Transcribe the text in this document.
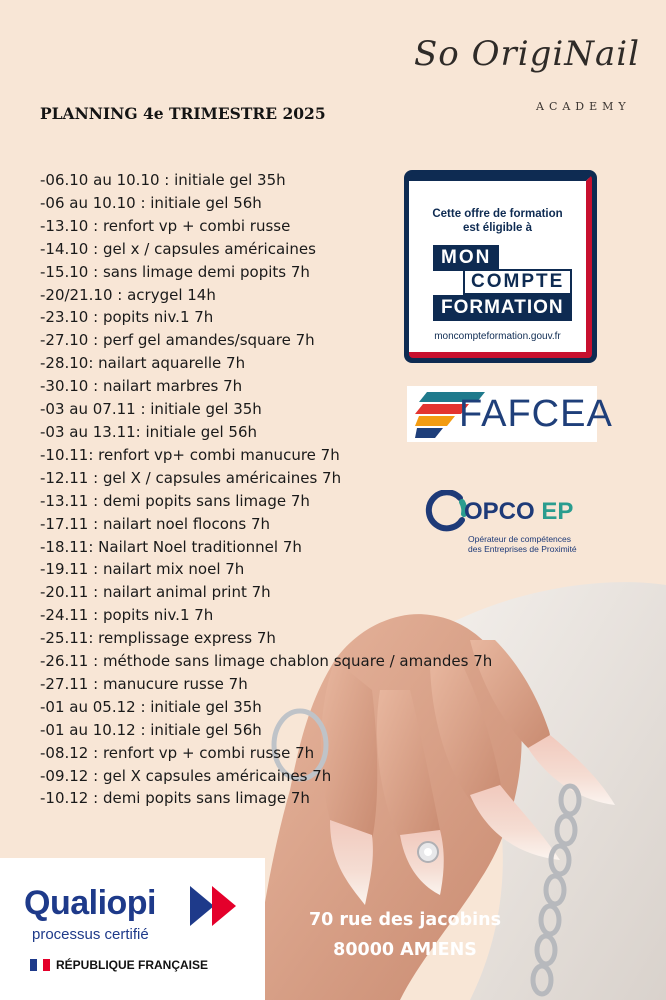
So OrigiNail
ACADEMY
PLANNING 4e TRIMESTRE 2025
-06.10 au 10.10 : initiale gel 35h
-06 au 10.10 : initiale gel 56h
-13.10 : renfort vp + combi russe
-14.10 : gel x / capsules américaines
-15.10 : sans limage demi popits 7h
-20/21.10 : acrygel 14h
-23.10 : popits niv.1 7h
-27.10 : perf gel amandes/square 7h
-28.10: nailart aquarelle 7h
-30.10 : nailart marbres 7h
-03 au 07.11 : initiale gel 35h
-03 au 13.11: initiale gel 56h
-10.11: renfort vp+ combi manucure 7h
-12.11 : gel X / capsules américaines 7h
-13.11 : demi popits sans limage 7h
-17.11 : nailart noel flocons 7h
-18.11: Nailart Noel traditionnel 7h
-19.11 : nailart mix noel 7h
-20.11 : nailart animal print 7h
-24.11 : popits niv.1 7h
-25.11: remplissage express 7h
-26.11 : méthode sans limage chablon square / amandes 7h
-27.11 : manucure russe 7h
-01 au 05.12 : initiale gel 35h
-01 au 10.12 : initiale gel 56h
-08.12 : renfort vp + combi russe 7h
-09.12 : gel X capsules américaines 7h
-10.12 : demi popits sans limage 7h
Cette offre de formation
est éligible à
MON
COMPTE
FORMATION
moncompteformation.gouv.fr
FAFCEA
OPCO EP
Opérateur de compétences
des Entreprises de Proximité
Qualiopi
processus certifié
RÉPUBLIQUE FRANÇAISE
70 rue des jacobins
80000 AMIENS
